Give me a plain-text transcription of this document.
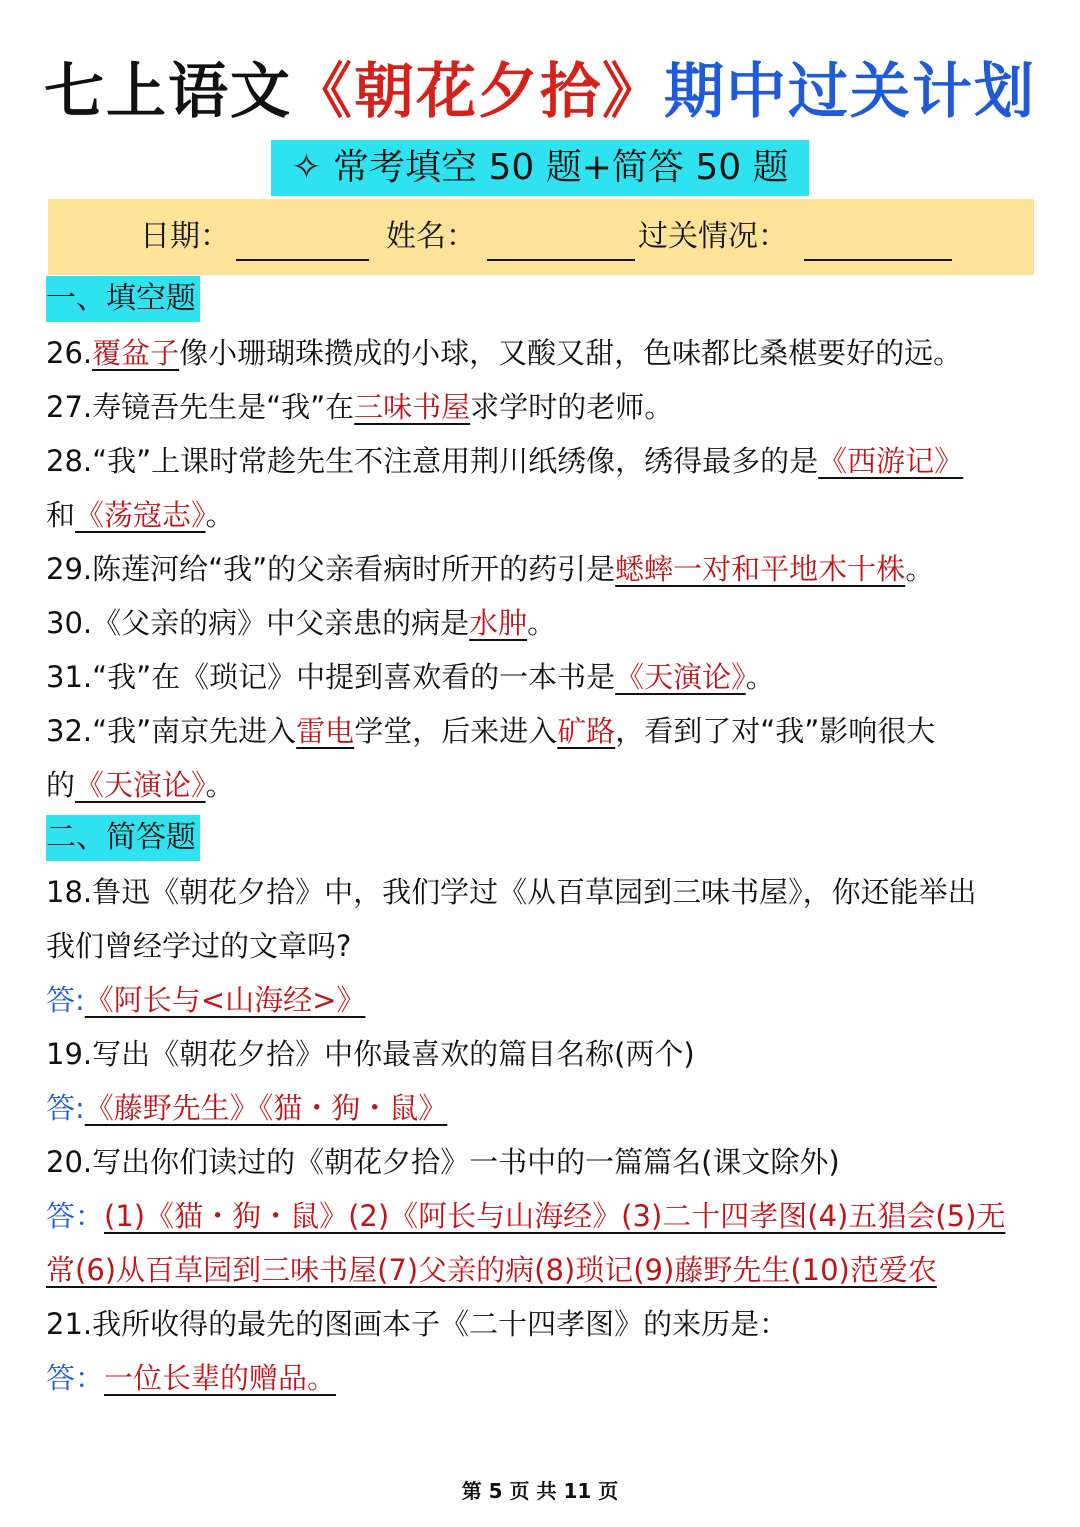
七上语文《朝花夕拾》期中过关计划
✧ 常考填空 50 题+简答 50 题
日期：	姓名：	过关情况：
一、填空题
26.覆盆子像小珊瑚珠攒成的小球，又酸又甜，色味都比桑椹要好的远。
27.寿镜吾先生是“我”在三味书屋求学时的老师。
28.“我”上课时常趁先生不注意用荆川纸绣像，绣得最多的是《西游记》
和《荡寇志》。
29.陈莲河给“我”的父亲看病时所开的药引是蟋蟀一对和平地木十株。
30.《父亲的病》中父亲患的病是水肿。
31.“我”在《琐记》中提到喜欢看的一本书是《天演论》。
32.“我”南京先进入雷电学堂，后来进入矿路，看到了对“我”影响很大
的《天演论》。
二、简答题
18.鲁迅《朝花夕拾》中，我们学过《从百草园到三味书屋》，你还能举出
我们曾经学过的文章吗?
答:《阿长与<山海经>》
19.写出《朝花夕拾》中你最喜欢的篇目名称(两个)
答:《藤野先生》《猫・狗・鼠》
20.写出你们读过的《朝花夕拾》一书中的一篇篇名(课文除外)
答：(1)《猫・狗・鼠》(2)《阿长与山海经》(3)二十四孝图(4)五猖会(5)无
常(6)从百草园到三味书屋(7)父亲的病(8)琐记(9)藤野先生(10)范爱农
21.我所收得的最先的图画本子《二十四孝图》的来历是：
答：一位长辈的赠品。
第 5 页 共 11 页
